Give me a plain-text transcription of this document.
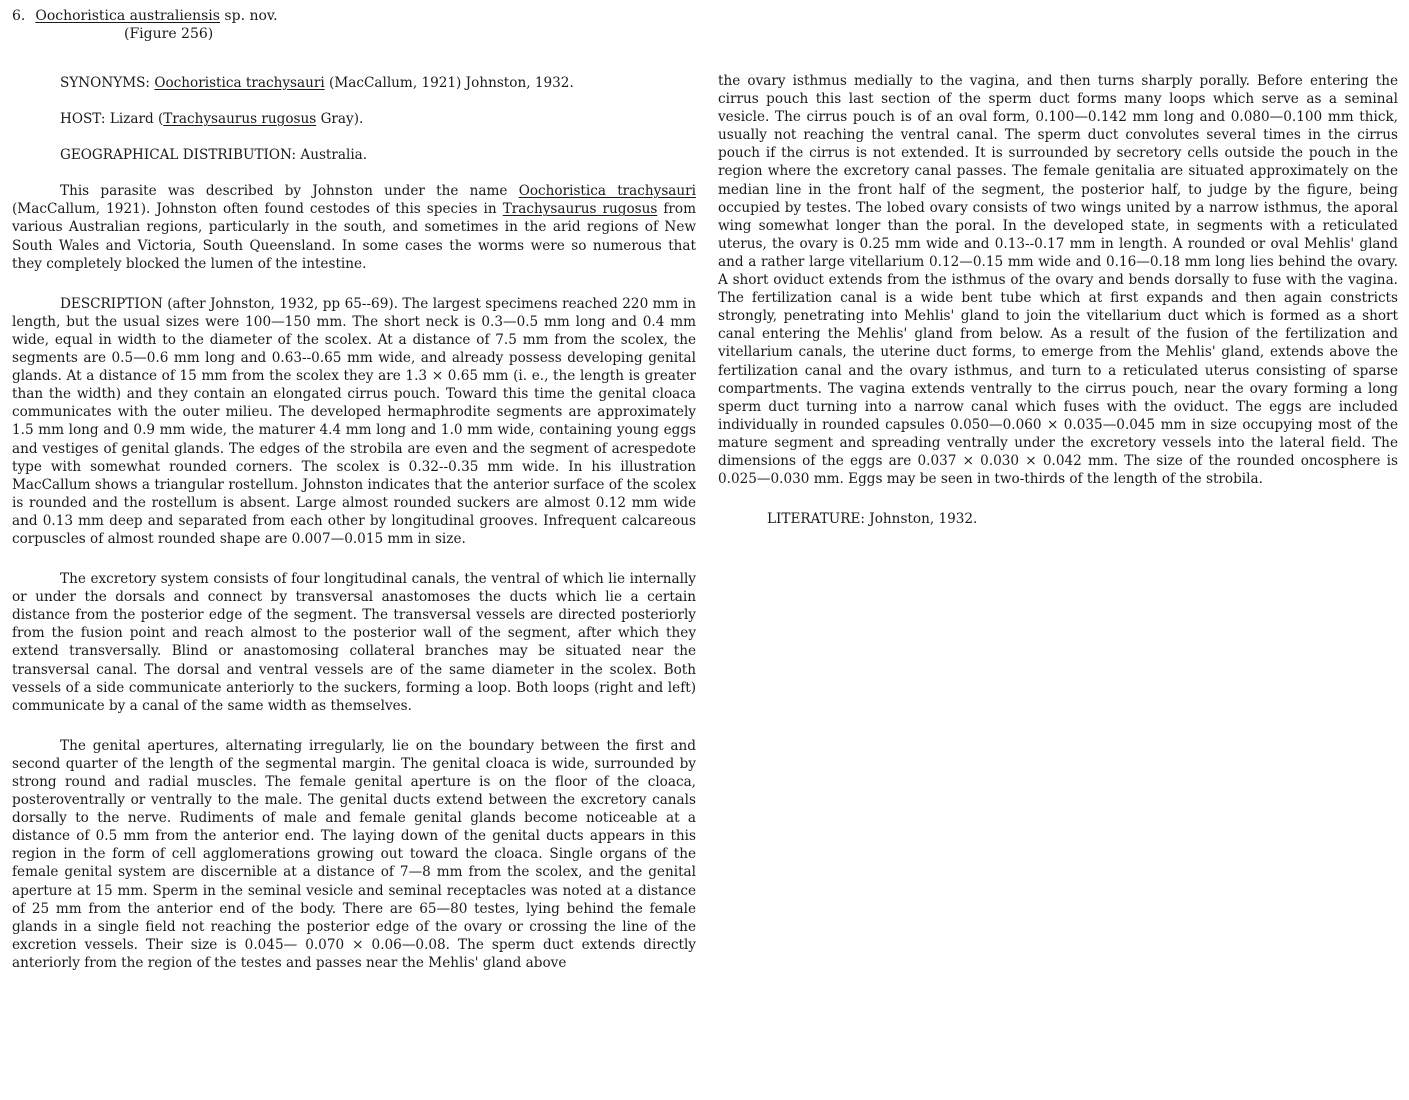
6. Oochoristica australiensis sp. nov.
(Figure 256)

SYNONYMS: Oochoristica trachysauri (MacCallum, 1921) Johnston, 1932.

HOST: Lizard (Trachysaurus rugosus Gray).

GEOGRAPHICAL DISTRIBUTION: Australia.

This parasite was described by Johnston under the name Oochoristica trachysauri (MacCallum, 1921). Johnston often found cestodes of this species in Trachysaurus rugosus from various Australian regions, particularly in the south, and sometimes in the arid regions of New South Wales and Victoria, South Queensland. In some cases the worms were so numerous that they completely blocked the lumen of the intestine.

DESCRIPTION (after Johnston, 1932, pp 65--69). The largest specimens reached 220 mm in length, but the usual sizes were 100—150 mm. The short neck is 0.3—0.5 mm long and 0.4 mm wide, equal in width to the diameter of the scolex. At a distance of 7.5 mm from the scolex, the segments are 0.5—0.6 mm long and 0.63--0.65 mm wide, and already possess developing genital glands. At a distance of 15 mm from the scolex they are 1.3 × 0.65 mm (i. e., the length is greater than the width) and they contain an elongated cirrus pouch. Toward this time the genital cloaca communicates with the outer milieu. The developed hermaphrodite segments are approximately 1.5 mm long and 0.9 mm wide, the maturer 4.4 mm long and 1.0 mm wide, containing young eggs and vestiges of genital glands. The edges of the strobila are even and the segment of acrespedote type with somewhat rounded corners. The scolex is 0.32--0.35 mm wide. In his illustration MacCallum shows a triangular rostellum. Johnston indicates that the anterior surface of the scolex is rounded and the rostellum is absent. Large almost rounded suckers are almost 0.12 mm wide and 0.13 mm deep and separated from each other by longitudinal grooves. Infrequent calcareous corpuscles of almost rounded shape are 0.007—0.015 mm in size.

The excretory system consists of four longitudinal canals, the ventral of which lie internally or under the dorsals and connect by transversal anastomoses the ducts which lie a certain distance from the posterior edge of the segment. The transversal vessels are directed posteriorly from the fusion point and reach almost to the posterior wall of the segment, after which they extend transversally. Blind or anastomosing collateral branches may be situated near the transversal canal. The dorsal and ventral vessels are of the same diameter in the scolex. Both vessels of a side communicate anteriorly to the suckers, forming a loop. Both loops (right and left) communicate by a canal of the same width as themselves.

The genital apertures, alternating irregularly, lie on the boundary between the first and second quarter of the length of the segmental margin. The genital cloaca is wide, surrounded by strong round and radial muscles. The female genital aperture is on the floor of the cloaca, posteroventrally or ventrally to the male. The genital ducts extend between the excretory canals dorsally to the nerve. Rudiments of male and female genital glands become noticeable at a distance of 0.5 mm from the anterior end. The laying down of the genital ducts appears in this region in the form of cell agglomerations growing out toward the cloaca. Single organs of the female genital system are discernible at a distance of 7—8 mm from the scolex, and the genital aperture at 15 mm. Sperm in the seminal vesicle and seminal receptacles was noted at a distance of 25 mm from the anterior end of the body. There are 65—80 testes, lying behind the female glands in a single field not reaching the posterior edge of the ovary or crossing the line of the excretion vessels. Their size is 0.045— 0.070 × 0.06—0.08. The sperm duct extends directly anteriorly from the region of the testes and passes near the Mehlis' gland above

the ovary isthmus medially to the vagina, and then turns sharply porally. Before entering the cirrus pouch this last section of the sperm duct forms many loops which serve as a seminal vesicle. The cirrus pouch is of an oval form, 0.100—0.142 mm long and 0.080—0.100 mm thick, usually not reaching the ventral canal. The sperm duct convolutes several times in the cirrus pouch if the cirrus is not extended. It is surrounded by secretory cells outside the pouch in the region where the excretory canal passes. The female genitalia are situated approximately on the median line in the front half of the segment, the posterior half, to judge by the figure, being occupied by testes. The lobed ovary consists of two wings united by a narrow isthmus, the aporal wing somewhat longer than the poral. In the developed state, in segments with a reticulated uterus, the ovary is 0.25 mm wide and 0.13--0.17 mm in length. A rounded or oval Mehlis' gland and a rather large vitellarium 0.12—0.15 mm wide and 0.16—0.18 mm long lies behind the ovary. A short oviduct extends from the isthmus of the ovary and bends dorsally to fuse with the vagina. The fertilization canal is a wide bent tube which at first expands and then again constricts strongly, penetrating into Mehlis' gland to join the vitellarium duct which is formed as a short canal entering the Mehlis' gland from below. As a result of the fusion of the fertilization and vitellarium canals, the uterine duct forms, to emerge from the Mehlis' gland, extends above the fertilization canal and the ovary isthmus, and turn to a reticulated uterus consisting of sparse compartments. The vagina extends ventrally to the cirrus pouch, near the ovary forming a long sperm duct turning into a narrow canal which fuses with the oviduct. The eggs are included individually in rounded capsules 0.050—0.060 × 0.035—0.045 mm in size occupying most of the mature segment and spreading ventrally under the excretory vessels into the lateral field. The dimensions of the eggs are 0.037 × 0.030 × 0.042 mm. The size of the rounded oncosphere is 0.025—0.030 mm. Eggs may be seen in two-thirds of the length of the strobila.

LITERATURE: Johnston, 1932.
